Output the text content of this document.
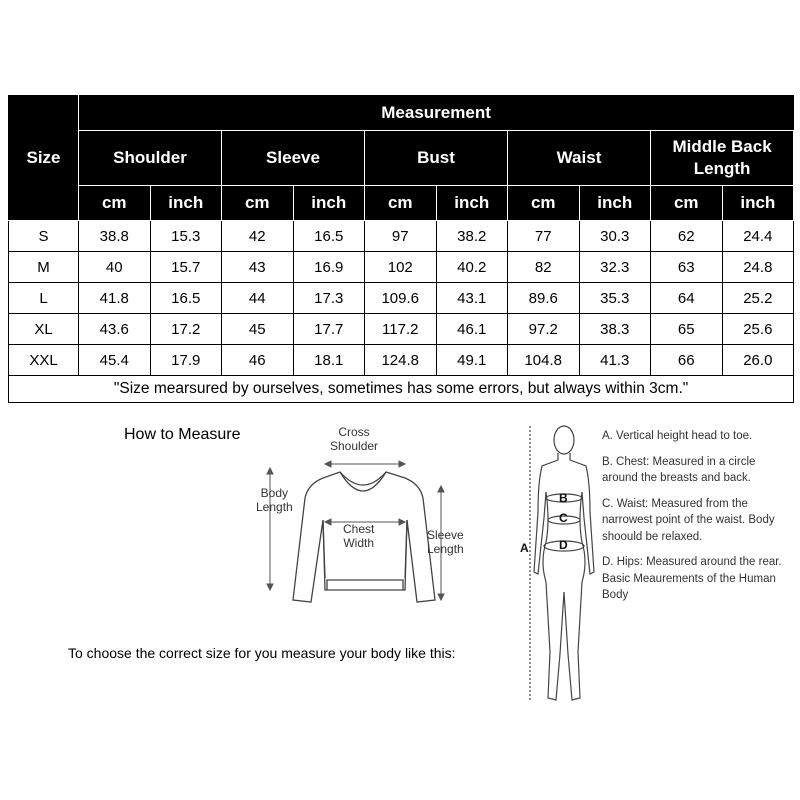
Size	Measurement									
	Shoulder		Sleeve		Bust		Waist		Middle Back Length	
	cm	inch	cm	inch	cm	inch	cm	inch	cm	inch
S	38.8	15.3	42	16.5	97	38.2	77	30.3	62	24.4
M	40	15.7	43	16.9	102	40.2	82	32.3	63	24.8
L	41.8	16.5	44	17.3	109.6	43.1	89.6	35.3	64	25.2
XL	43.6	17.2	45	17.7	117.2	46.1	97.2	38.3	65	25.6
XXL	45.4	17.9	46	18.1	124.8	49.1	104.8	41.3	66	26.0
"Size mearsured by ourselves, sometimes has some errors, but always within 3cm."										
How to Measure	Cross
Shoulder
Body
Length
Chest
Width
Sleeve
Length
To choose the correct size for you measure your body like this:
A
B
C
D
A. Vertical height head to toe.
B. Chest: Measured in a circle around the breasts and back.
C. Waist: Measured from the narrowest point of the waist. Body shoould be relaxed.
D. Hips: Measured around the rear. Basic Meaurements of the Human Body
